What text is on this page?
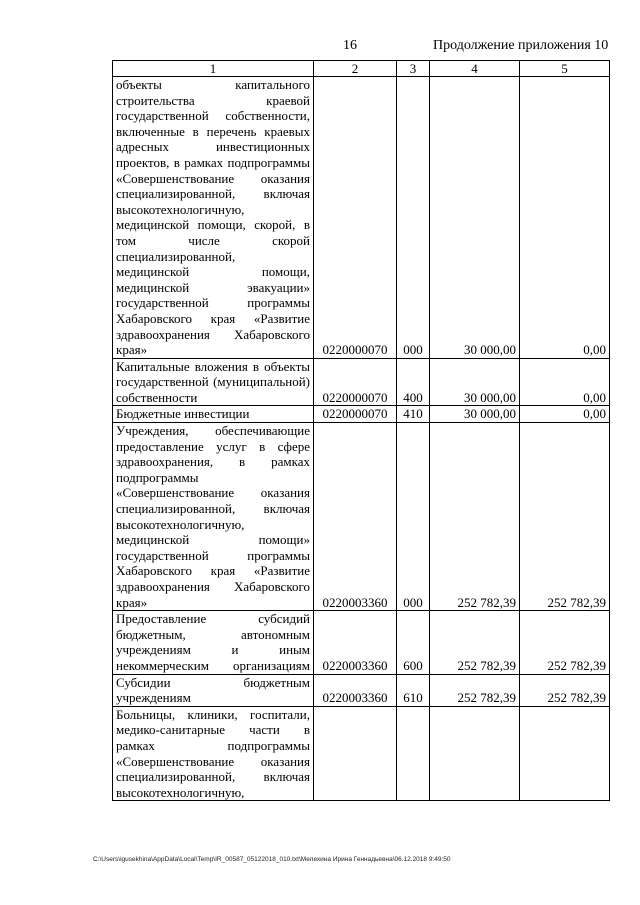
16	Продолжение приложения 10
1	2	3	4	5
объекты капитального строительства краевой государственной собственности, включенные в перечень краевых адресных инвестиционных проектов, в рамках подпрограммы «Совершенствование оказания специализированной, включая высокотехнологичную, медицинской помощи, скорой, в том числе скорой специализированной, медицинской помощи, медицинской эвакуации» государственной программы Хабаровского края «Развитие здравоохранения Хабаровского края»	0220000070	000	30 000,00	0,00
Капитальные вложения в объекты государственной (муниципальной) собственности	0220000070	400	30 000,00	0,00
Бюджетные инвестиции	0220000070	410	30 000,00	0,00
Учреждения, обеспечивающие предоставление услуг в сфере здравоохранения, в рамках подпрограммы «Совершенствование оказания специализированной, включая высокотехнологичную, медицинской помощи» государственной программы Хабаровского края «Развитие здравоохранения Хабаровского края»	0220003360	000	252 782,39	252 782,39
Предоставление субсидий бюджетным, автономным учреждениям и иным некоммерческим организациям	0220003360	600	252 782,39	252 782,39
Субсидии бюджетным учреждениям	0220003360	610	252 782,39	252 782,39
Больницы, клиники, госпитали, медико-санитарные части в рамках подпрограммы «Совершенствование оказания специализированной, включая высокотехнологичную,				
C:\Users\igusekhina\AppData\Local\Temp\IR_00587_05122018_010.txt\Мелехина Ирина Геннадьевна\06.12.2018 9:49:50
